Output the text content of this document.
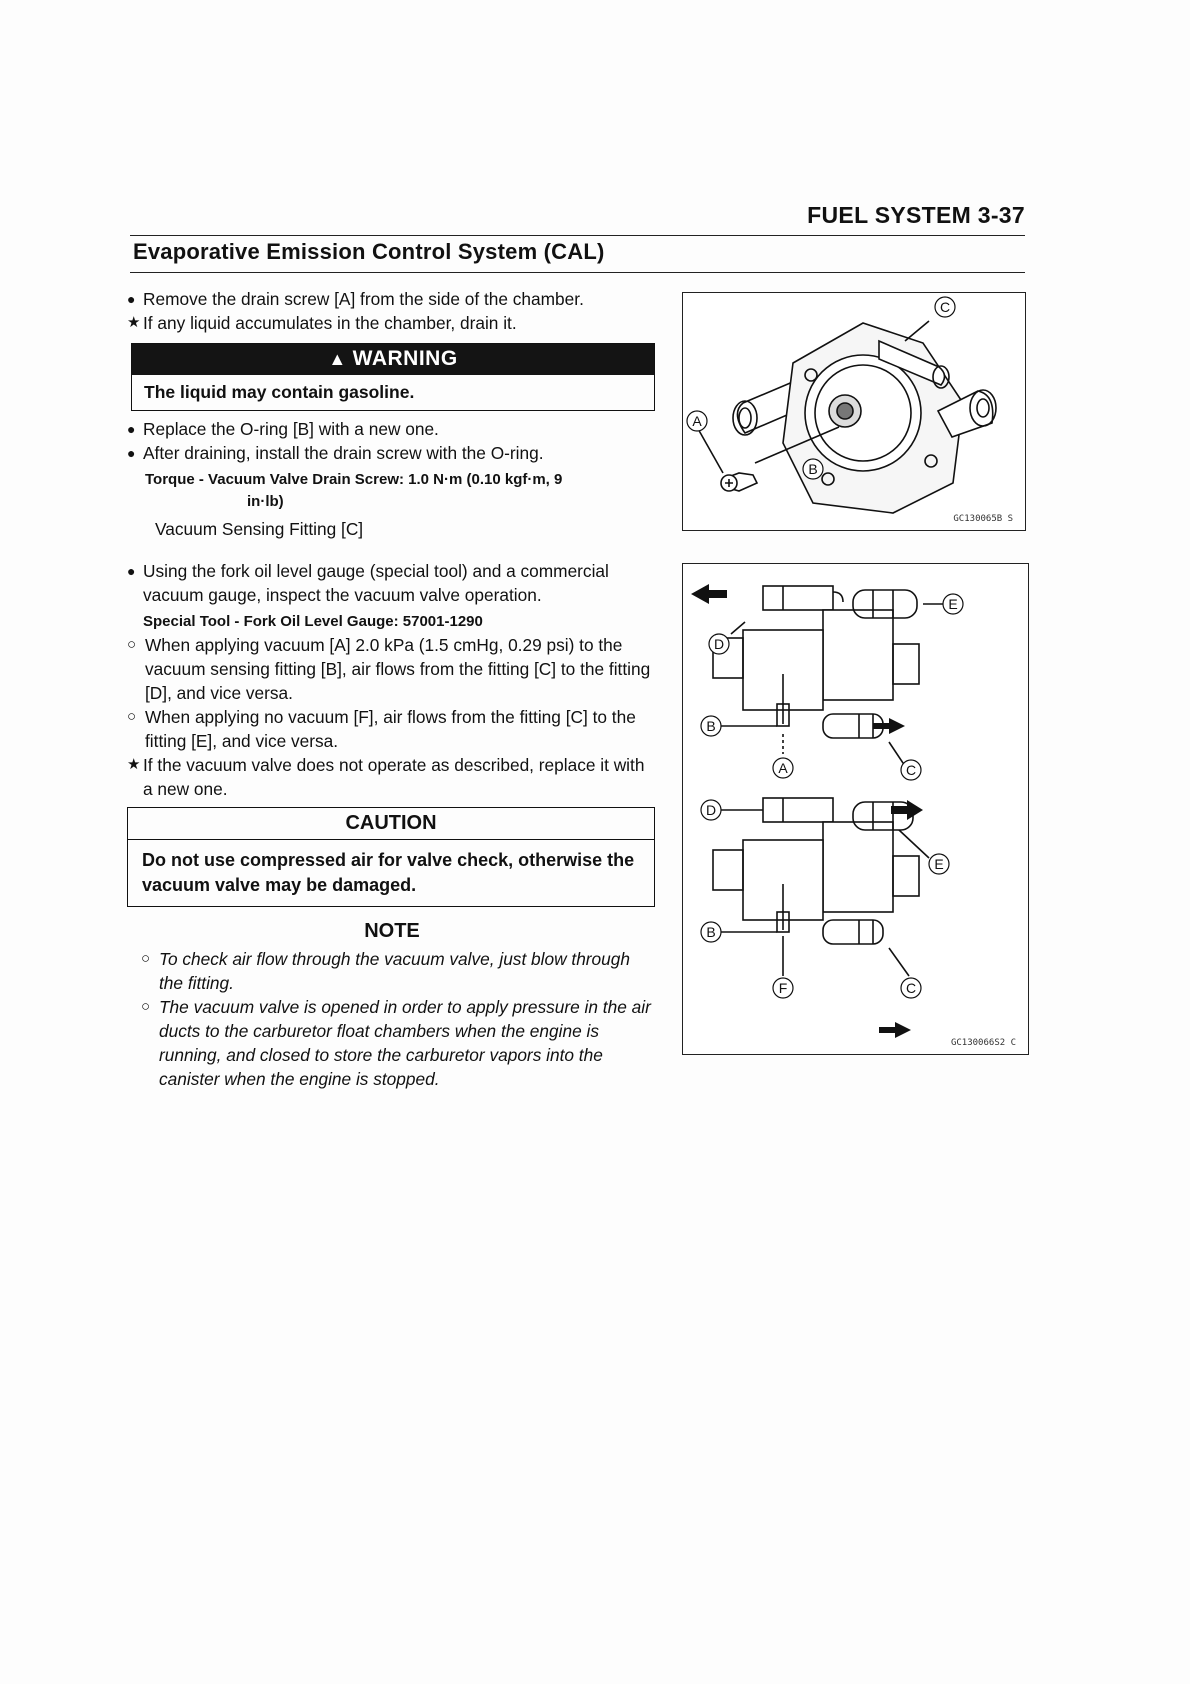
FUEL SYSTEM 3-37
Evaporative Emission Control System (CAL)
● Remove the drain screw [A] from the side of the chamber.
★ If any liquid accumulates in the chamber, drain it.
▲ WARNING
The liquid may contain gasoline.
● Replace the O-ring [B] with a new one.
● After draining, install the drain screw with the O-ring.
Torque - Vacuum Valve Drain Screw: 1.0 N·m (0.10 kgf·m, 9
in·lb)
Vacuum Sensing Fitting [C]
● Using the fork oil level gauge (special tool) and a commercial vacuum gauge, inspect the vacuum valve operation.
Special Tool - Fork Oil Level Gauge: 57001-1290
○ When applying vacuum [A] 2.0 kPa (1.5 cmHg, 0.29 psi) to the vacuum sensing fitting [B], air flows from the fitting [C] to the fitting [D], and vice versa.
○ When applying no vacuum [F], air flows from the fitting [C] to the fitting [E], and vice versa.
★ If the vacuum valve does not operate as described, replace it with a new one.
CAUTION
Do not use compressed air for valve check, otherwise the vacuum valve may be damaged.
NOTE
○ To check air flow through the vacuum valve, just blow through the fitting.
○ The vacuum valve is opened in order to apply pressure in the air ducts to the carburetor float chambers when the engine is running, and closed to store the carburetor vapors into the canister when the engine is stopped.
C
A
B
GC130065B S
E
D
B
A	C
D
E
B
F	C
GC130066S2 C
